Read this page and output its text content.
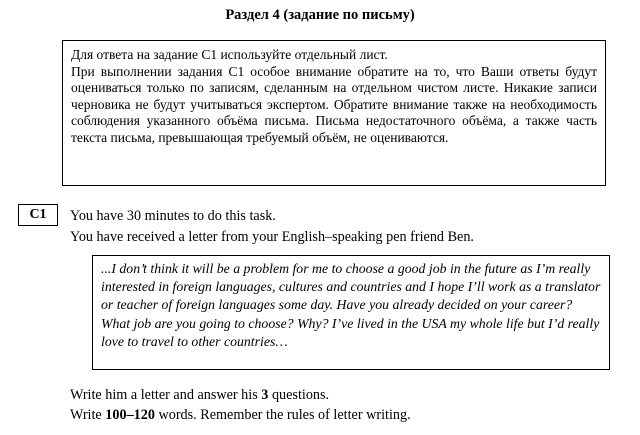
Раздел 4 (задание по письму)

Для ответа на задание С1 используйте отдельный лист.

При выполнении задания С1 особое внимание обратите на то, что Ваши ответы будут оцениваться только по записям, сделанным на отдельном чистом листе. Никакие записи черновика не будут учитываться экспертом. Обратите внимание также на необходимость соблюдения указанного объёма письма. Письма недостаточного объёма, а также часть текста письма, превышающая требуемый объём, не оцениваются.

C1	You have 30 minutes to do this task.
You have received a letter from your English–speaking pen friend Ben.

...I don’t think it will be a problem for me to choose a good job in the future as I’m really interested in foreign languages, cultures and countries and I hope I’ll work as a translator or teacher of foreign languages some day. Have you already decided on your career? What job are you going to choose? Why? I’ve lived in the USA my whole life but I’d really love to travel to other countries…

Write him a letter and answer his 3 questions.
Write 100–120 words. Remember the rules of letter writing.
